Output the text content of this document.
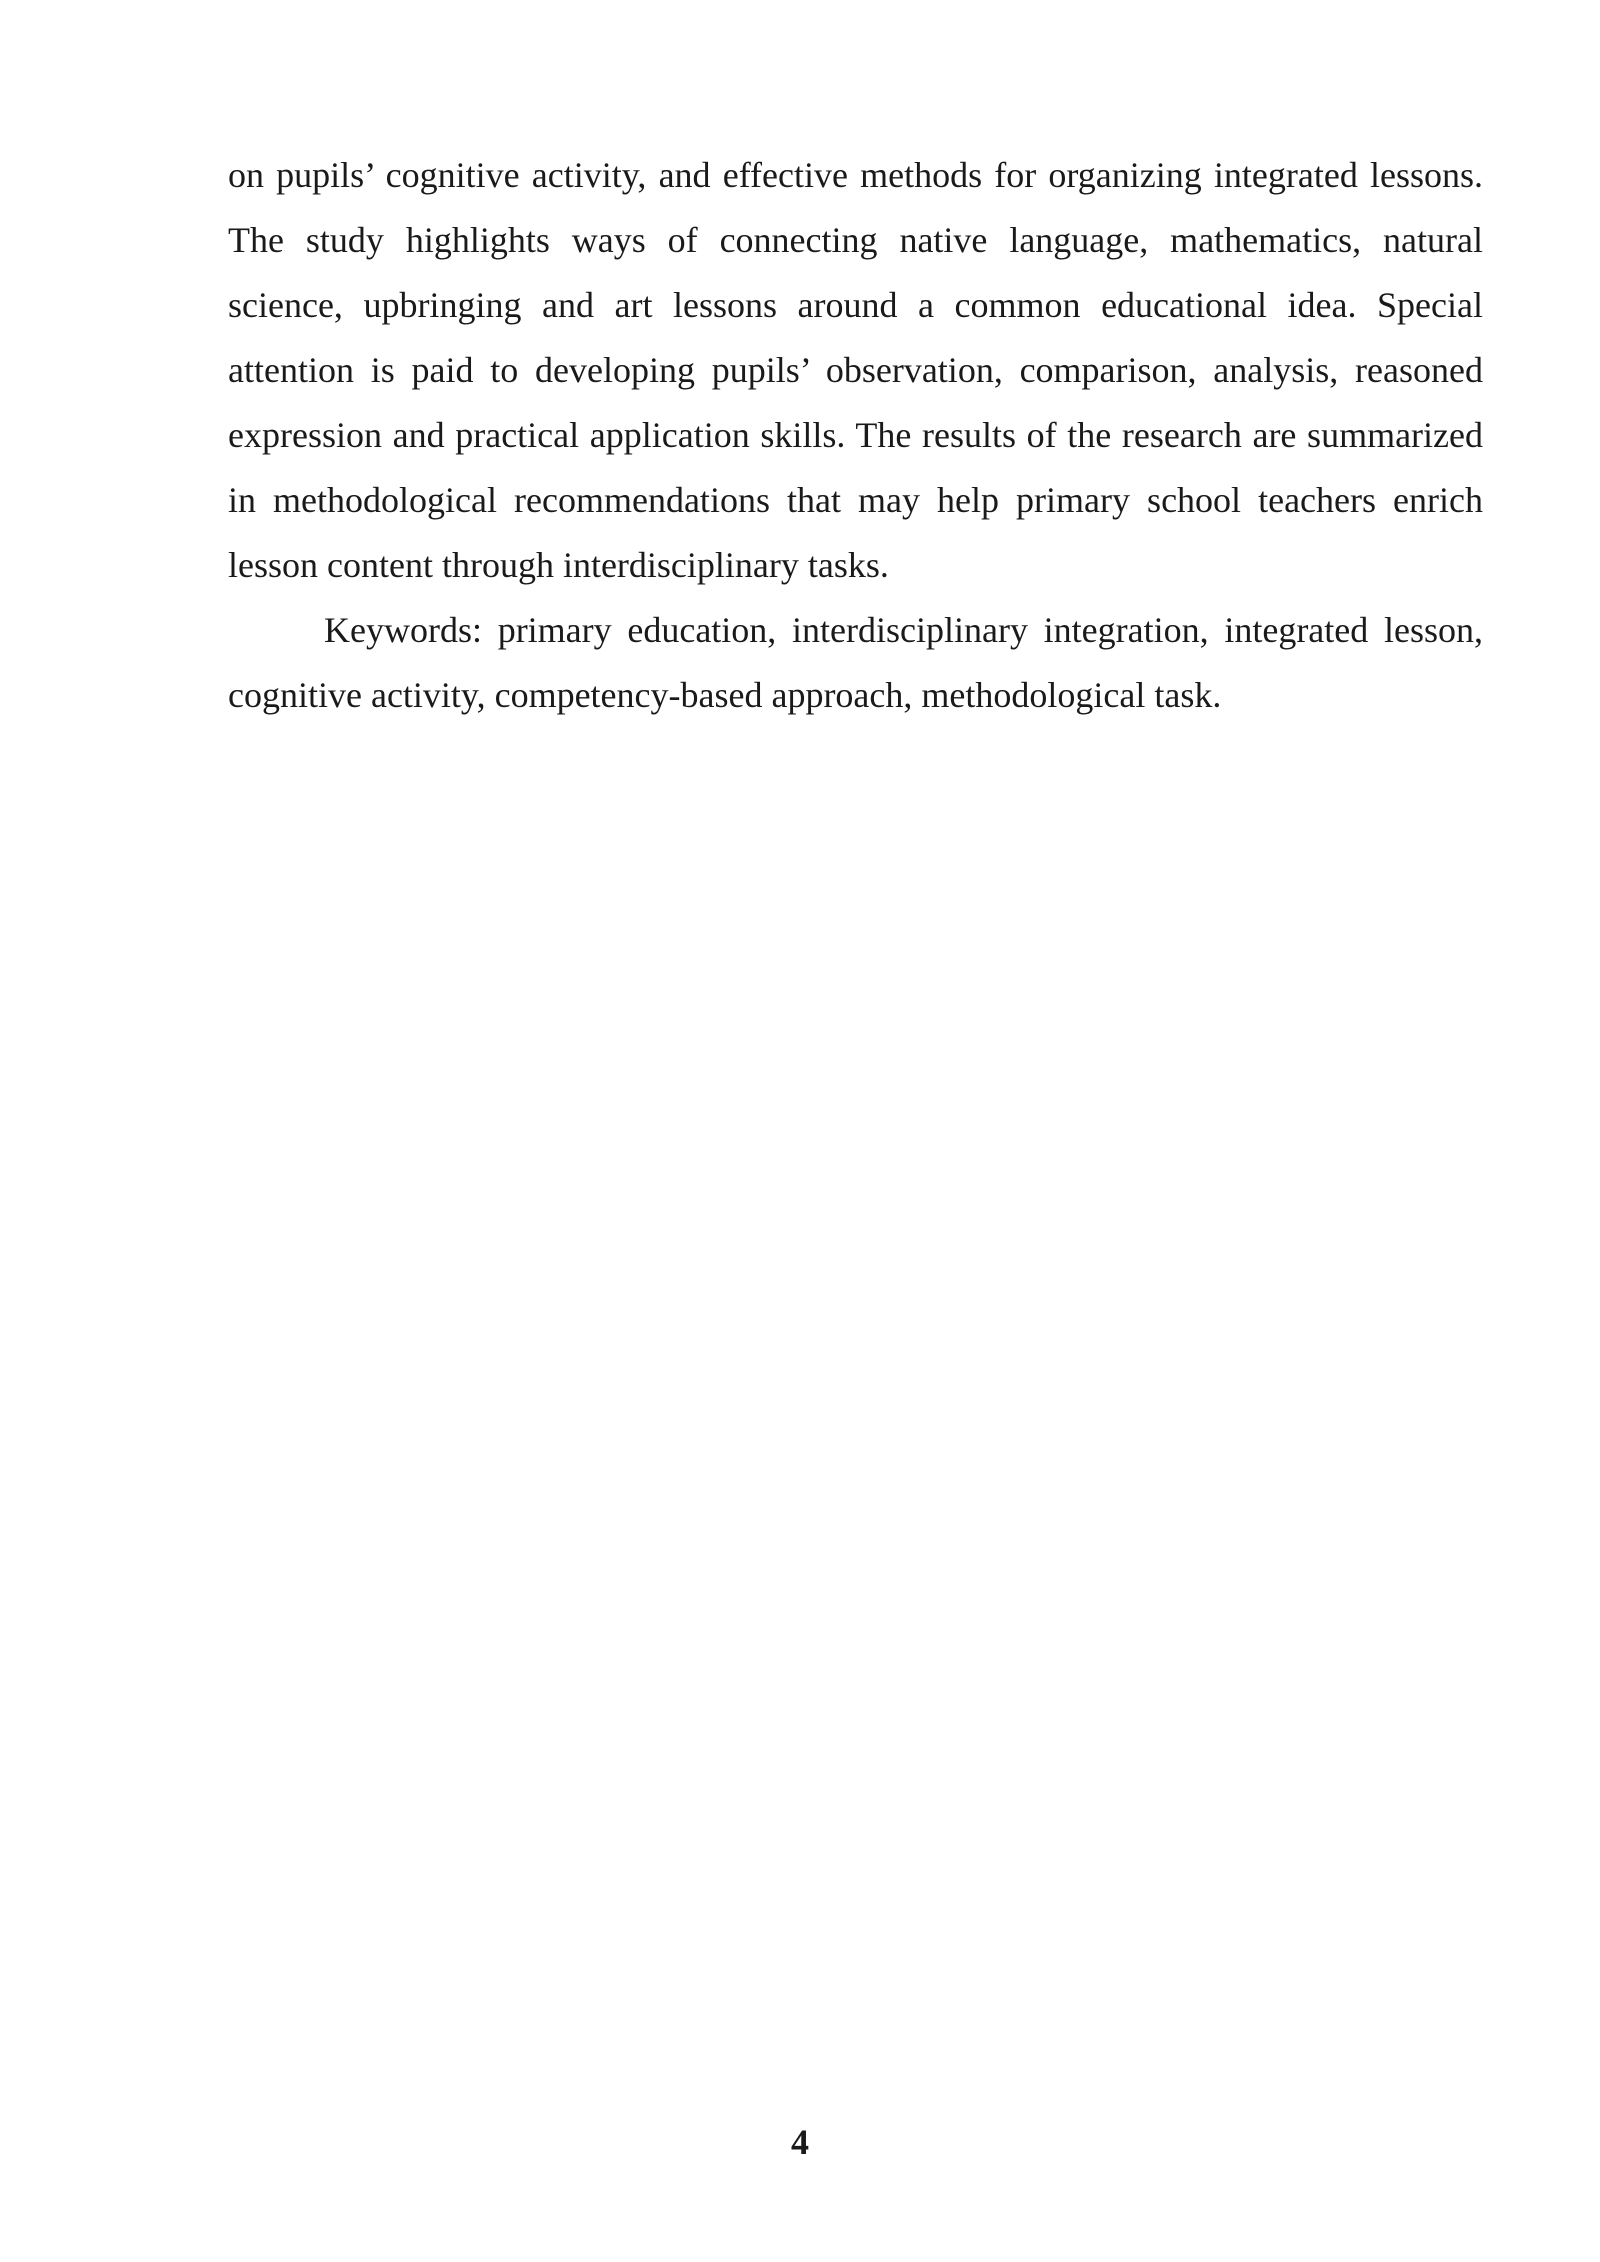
on pupils’ cognitive activity, and effective methods for organizing integrated lessons. The study highlights ways of connecting native language, mathematics, natural science, upbringing and art lessons around a common educational idea. Special attention is paid to developing pupils’ observation, comparison, analysis, reasoned expression and practical application skills. The results of the research are summarized in methodological recommendations that may help primary school teachers enrich lesson content through interdisciplinary tasks.

Keywords: primary education, interdisciplinary integration, integrated lesson, cognitive activity, competency-based approach, methodological task.

4
